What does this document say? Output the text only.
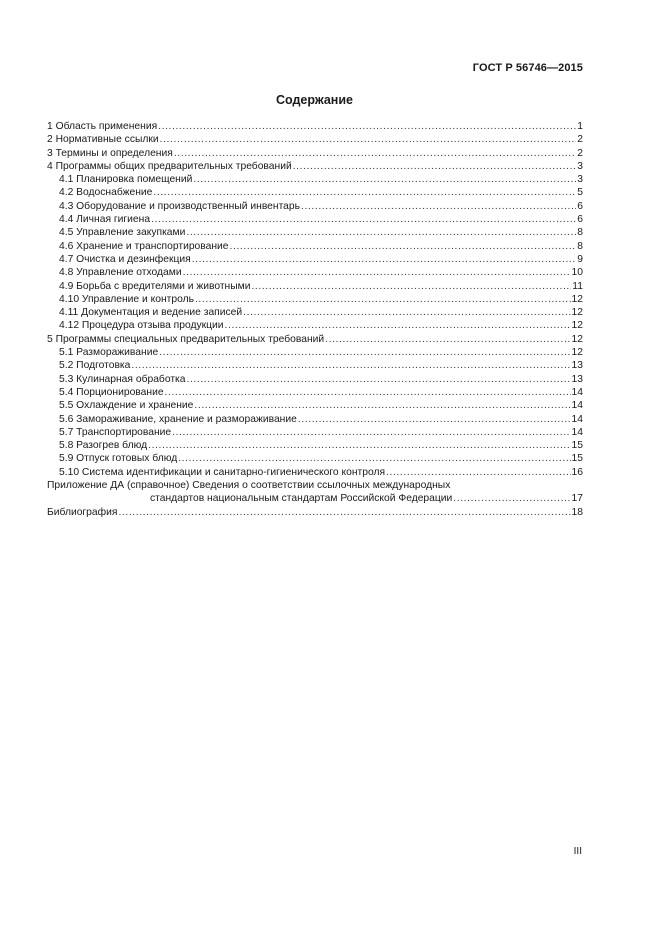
ГОСТ Р 56746—2015
Содержание
1 Область применения .....	1
2 Нормативные ссылки .....	2
3 Термины и определения .....	2
4 Программы общих предварительных требований .....	3
4.1 Планировка помещений .....	3
4.2 Водоснабжение .....	5
4.3 Оборудование и производственный инвентарь .....	6
4.4 Личная гигиена .....	6
4.5 Управление закупками .....	8
4.6 Хранение и транспортирование .....	8
4.7 Очистка и дезинфекция .....	9
4.8 Управление отходами .....	10
4.9 Борьба с вредителями и животными .....	11
4.10 Управление и контроль .....	12
4.11 Документация и ведение записей .....	12
4.12 Процедура отзыва продукции .....	12
5 Программы специальных предварительных требований .....	12
5.1 Размораживание .....	12
5.2 Подготовка .....	13
5.3 Кулинарная обработка .....	13
5.4 Порционирование .....	14
5.5 Охлаждение и хранение .....	14
5.6 Замораживание, хранение и размораживание .....	14
5.7 Транспортирование .....	14
5.8 Разогрев блюд .....	15
5.9 Отпуск готовых блюд .....	15
5.10 Система идентификации и санитарно-гигиенического контроля .....	16
Приложение ДА (справочное) Сведения о соответствии ссылочных международных
стандартов национальным стандартам Российской Федерации .....	17
Библиография .....	18
III
